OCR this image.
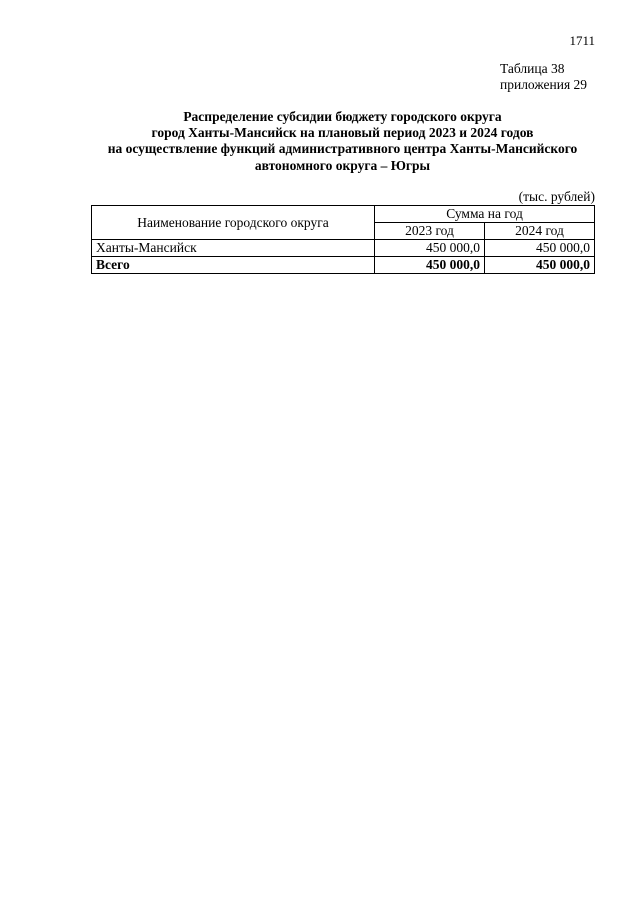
1711
Таблица 38
приложения 29
Распределение субсидии бюджету городского округа
город Ханты-Мансийск на плановый период 2023 и 2024 годов
на осуществление функций административного центра Ханты-Мансийского
автономного округа – Югры
(тыс. рублей)
Наименование городского округа	Сумма на год	
	2023 год	2024 год
Ханты-Мансийск	450 000,0	450 000,0
Всего	450 000,0	450 000,0
